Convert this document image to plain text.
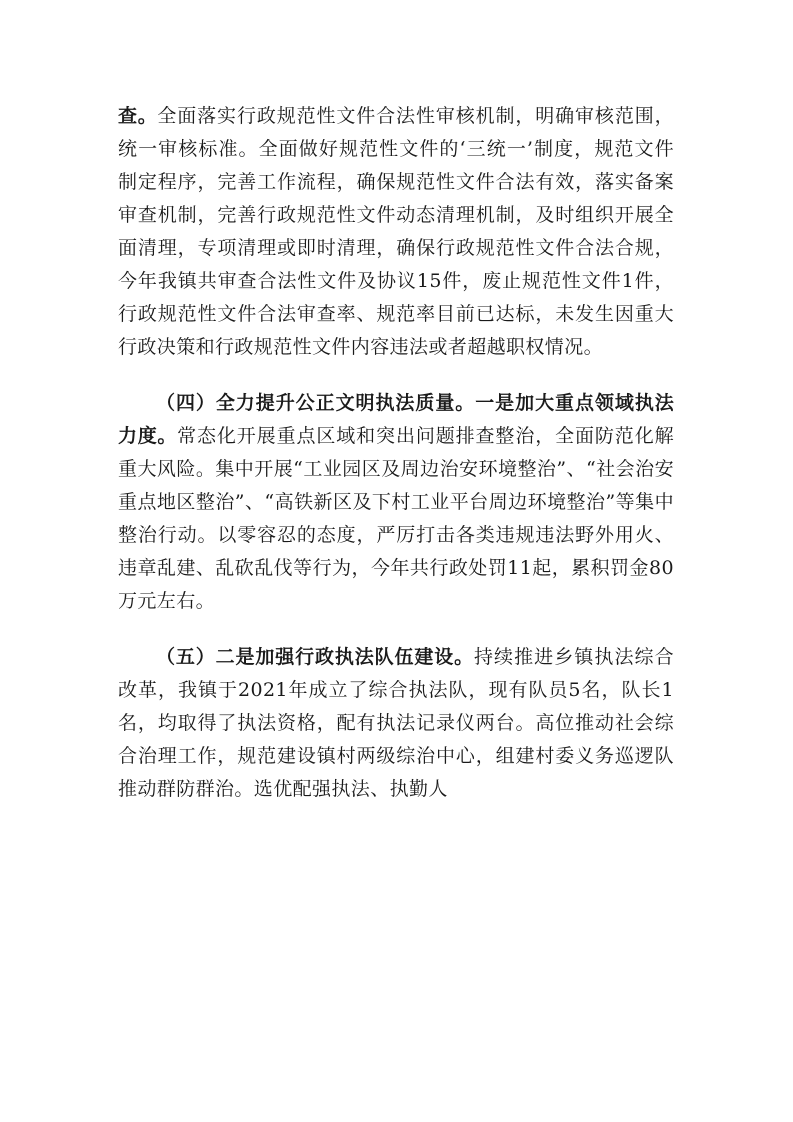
查。全面落实行政规范性文件合法性审核机制，明确审核范围，统一审核标准。全面做好规范性文件的‘三统一’制度，规范文件制定程序，完善工作流程，确保规范性文件合法有效，落实备案审查机制，完善行政规范性文件动态清理机制，及时组织开展全面清理，专项清理或即时清理，确保行政规范性文件合法合规，今年我镇共审查合法性文件及协议15件，废止规范性文件1件，行政规范性文件合法审查率、规范率目前已达标，未发生因重大行政决策和行政规范性文件内容违法或者超越职权情况。

（四）全力提升公正文明执法质量。一是加大重点领域执法力度。常态化开展重点区域和突出问题排查整治，全面防范化解重大风险。集中开展“工业园区及周边治安环境整治”、“社会治安重点地区整治”、“高铁新区及下村工业平台周边环境整治”等集中整治行动。以零容忍的态度，严厉打击各类违规违法野外用火、违章乱建、乱砍乱伐等行为，今年共行政处罚11起，累积罚金80万元左右。

（五）二是加强行政执法队伍建设。持续推进乡镇执法综合改革，我镇于2021年成立了综合执法队，现有队员5名，队长1名，均取得了执法资格，配有执法记录仪两台。高位推动社会综合治理工作，规范建设镇村两级综治中心，组建村委义务巡逻队推动群防群治。选优配强执法、执勤人
